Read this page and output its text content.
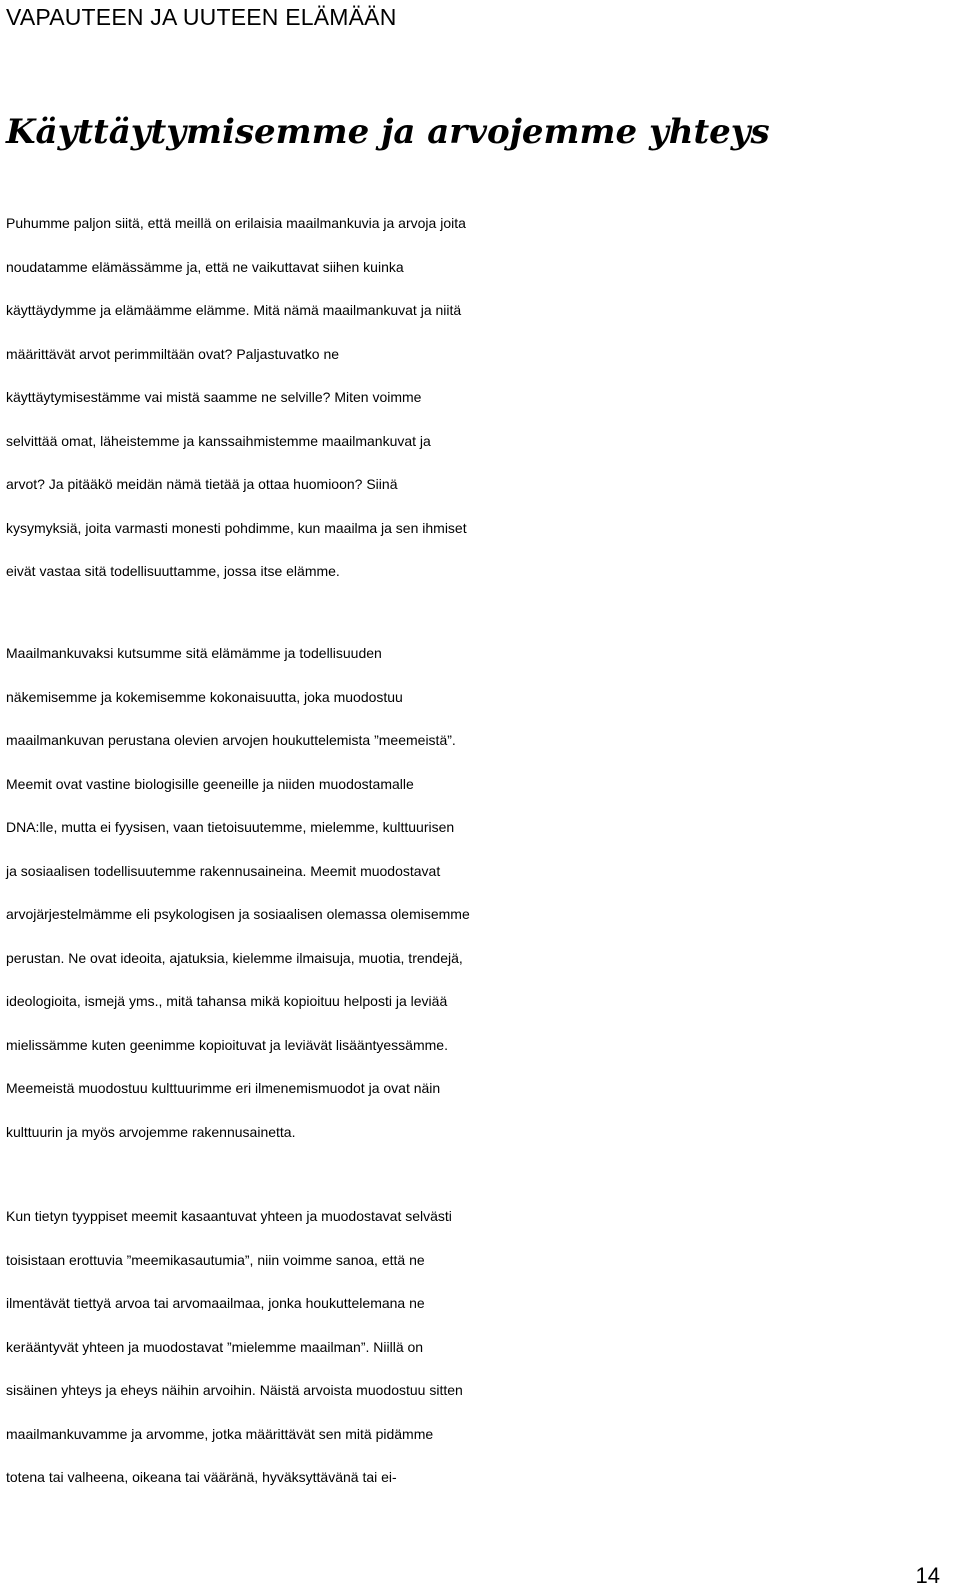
VAPAUTEEN JA UUTEEN ELÄMÄÄN
Käyttäytymisemme ja arvojemme yhteys
Puhumme paljon siitä, että meillä on erilaisia maailmankuvia ja arvoja joita
noudatamme elämässämme ja, että ne vaikuttavat siihen kuinka
käyttäydymme ja elämäämme elämme. Mitä nämä maailmankuvat ja niitä
määrittävät arvot perimmiltään ovat? Paljastuvatko ne
käyttäytymisestämme vai mistä saamme ne selville? Miten voimme
selvittää omat, läheistemme ja kanssaihmistemme maailmankuvat ja
arvot? Ja pitääkö meidän nämä tietää ja ottaa huomioon? Siinä
kysymyksiä, joita varmasti monesti pohdimme, kun maailma ja sen ihmiset
eivät vastaa sitä todellisuuttamme, jossa itse elämme.
Maailmankuvaksi kutsumme sitä elämämme ja todellisuuden
näkemisemme ja kokemisemme kokonaisuutta, joka muodostuu
maailmankuvan perustana olevien arvojen houkuttelemista ”meemeistä”.
Meemit ovat vastine biologisille geeneille ja niiden muodostamalle
DNA:lle, mutta ei fyysisen, vaan tietoisuutemme, mielemme, kulttuurisen
ja sosiaalisen todellisuutemme rakennusaineina. Meemit muodostavat
arvojärjestelmämme eli psykologisen ja sosiaalisen olemassa olemisemme
perustan. Ne ovat ideoita, ajatuksia, kielemme ilmaisuja, muotia, trendejä,
ideologioita, ismejä yms., mitä tahansa mikä kopioituu helposti ja leviää
mielissämme kuten geenimme kopioituvat ja leviävät lisääntyessämme.
Meemeistä muodostuu kulttuurimme eri ilmenemismuodot ja ovat näin
kulttuurin ja myös arvojemme rakennusainetta.
Kun tietyn tyyppiset meemit kasaantuvat yhteen ja muodostavat selvästi
toisistaan erottuvia ”meemikasautumia”, niin voimme sanoa, että ne
ilmentävät tiettyä arvoa tai arvomaailmaa, jonka houkuttelemana ne
kerääntyvät yhteen ja muodostavat ”mielemme maailman”. Niillä on
sisäinen yhteys ja eheys näihin arvoihin. Näistä arvoista muodostuu sitten
maailmankuvamme ja arvomme, jotka määrittävät sen mitä pidämme
totena tai valheena, oikeana tai vääränä, hyväksyttävänä tai ei-
14
